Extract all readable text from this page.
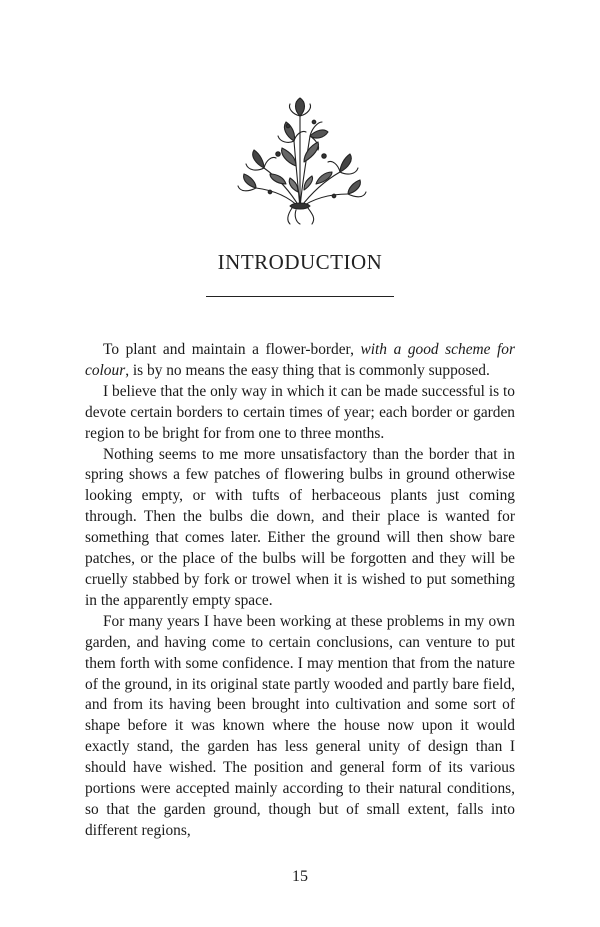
INTRODUCTION

To plant and maintain a flower-border, with a good scheme for colour, is by no means the easy thing that is commonly supposed.

I believe that the only way in which it can be made successful is to devote certain borders to certain times of year; each border or garden region to be bright for from one to three months.

Nothing seems to me more unsatisfactory than the border that in spring shows a few patches of flowering bulbs in ground otherwise looking empty, or with tufts of herbaceous plants just coming through. Then the bulbs die down, and their place is wanted for something that comes later. Either the ground will then show bare patches, or the place of the bulbs will be forgotten and they will be cruelly stabbed by fork or trowel when it is wished to put something in the apparently empty space.

For many years I have been working at these problems in my own garden, and having come to certain conclusions, can venture to put them forth with some confidence. I may mention that from the nature of the ground, in its original state partly wooded and partly bare field, and from its having been brought into cultivation and some sort of shape before it was known where the house now upon it would exactly stand, the garden has less general unity of design than I should have wished. The position and general form of its various portions were accepted mainly according to their natural conditions, so that the garden ground, though but of small extent, falls into different regions,

15
